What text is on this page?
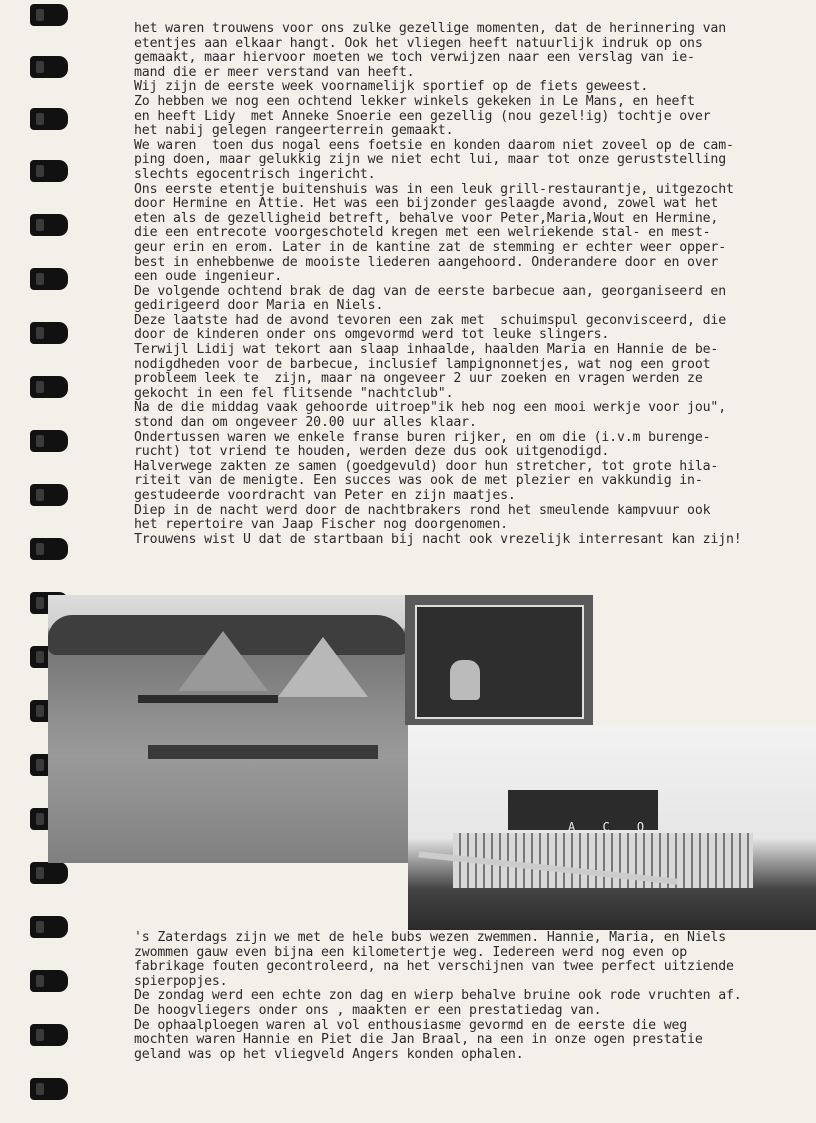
het waren trouwens voor ons zulke gezellige momenten, dat de herinnering van
etentjes aan elkaar hangt. Ook het vliegen heeft natuurlijk indruk op ons
gemaakt, maar hiervoor moeten we toch verwijzen naar een verslag van ie-
mand die er meer verstand van heeft.
Wij zijn de eerste week voornamelijk sportief op de fiets geweest.
Zo hebben we nog een ochtend lekker winkels gekeken in Le Mans, en heeft
en heeft Lidy  met Anneke Snoerie een gezellig (nou gezel!ig) tochtje over
het nabij gelegen rangeerterrein gemaakt.
We waren  toen dus nogal eens foetsie en konden daarom niet zoveel op de cam-
ping doen, maar gelukkig zijn we niet echt lui, maar tot onze geruststelling
slechts egocentrisch ingericht.
Ons eerste etentje buitenshuis was in een leuk grill-restaurantje, uitgezocht
door Hermine en Attie. Het was een bijzonder geslaagde avond, zowel wat het
eten als de gezelligheid betreft, behalve voor Peter,Maria,Wout en Hermine,
die een entrecote voorgeschoteld kregen met een welriekende stal- en mest-
geur erin en erom. Later in de kantine zat de stemming er echter weer opper-
best in enhebbenwe de mooiste liederen aangehoord. Onderandere door en over
een oude ingenieur.
De volgende ochtend brak de dag van de eerste barbecue aan, georganiseerd en
gedirigeerd door Maria en Niels.
Deze laatste had de avond tevoren een zak met  schuimspul geconvisceerd, die
door de kinderen onder ons omgevormd werd tot leuke slingers.
Terwijl Lidij wat tekort aan slaap inhaalde, haalden Maria en Hannie de be-
nodigdheden voor de barbecue, inclusief lampignonnetjes, wat nog een groot
probleem leek te  zijn, maar na ongeveer 2 uur zoeken en vragen werden ze
gekocht in een fel flitsende "nachtclub".
Na de die middag vaak gehoorde uitroep"ik heb nog een mooi werkje voor jou",
stond dan om ongeveer 20.00 uur alles klaar.
Ondertussen waren we enkele franse buren rijker, en om die (i.v.m burenge-
rucht) tot vriend te houden, werden deze dus ook uitgenodigd.
Halverwege zakten ze samen (goedgevuld) door hun stretcher, tot grote hila-
riteit van de menigte. Een succes was ook de met plezier en vakkundig in-
gestudeerde voordracht van Peter en zijn maatjes.
Diep in de nacht werd door de nachtbrakers rond het smeulende kampvuur ook
het repertoire van Jaap Fischer nog doorgenomen.
Trouwens wist U dat de startbaan bij nacht ook vrezelijk interresant kan zijn!
A C O
's Zaterdags zijn we met de hele bubs wezen zwemmen. Hannie, Maria, en Niels
zwommen gauw even bijna een kilometertje weg. Iedereen werd nog even op
fabrikage fouten gecontroleerd, na het verschijnen van twee perfect uitziende
spierpopjes.
De zondag werd een echte zon dag en wierp behalve bruine ook rode vruchten af.
De hoogvliegers onder ons , maakten er een prestatiedag van.
De ophaalploegen waren al vol enthousiasme gevormd en de eerste die weg
mochten waren Hannie en Piet die Jan Braal, na een in onze ogen prestatie
geland was op het vliegveld Angers konden ophalen.
